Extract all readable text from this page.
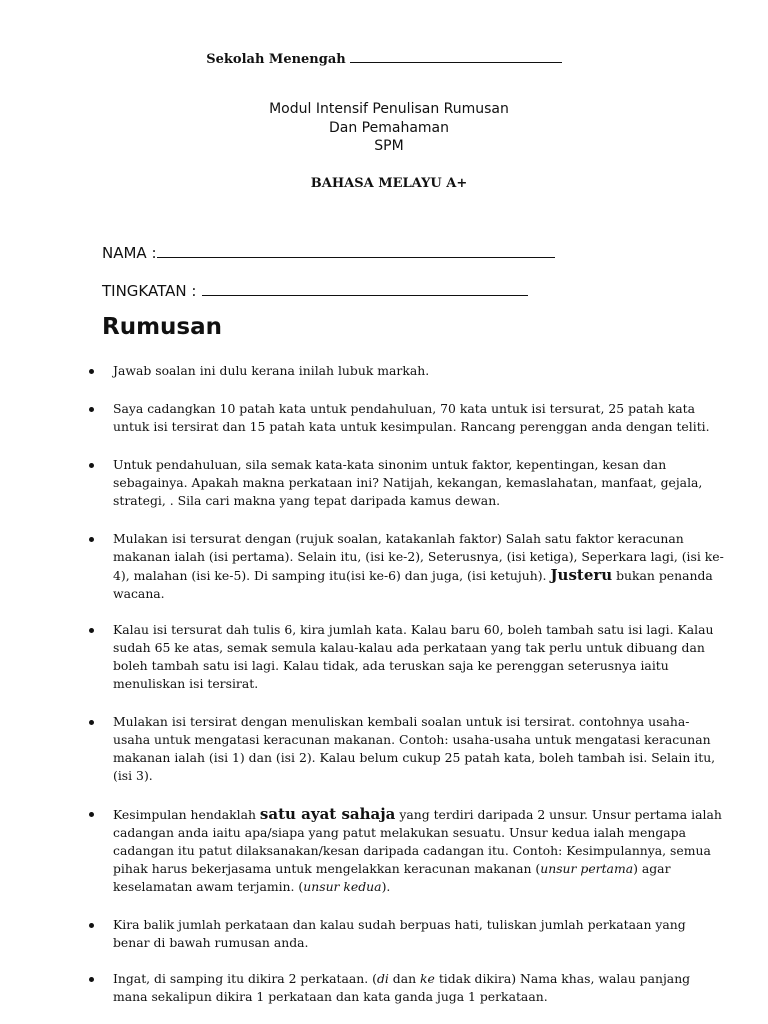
Sekolah Menengah
Modul Intensif Penulisan Rumusan
Dan Pemahaman
SPM
BAHASA MELAYU A+
NAMA :
TINGKATAN :
Rumusan
Jawab soalan ini dulu kerana inilah lubuk markah.
Saya cadangkan 10 patah kata untuk pendahuluan, 70 kata untuk isi tersurat, 25 patah kata untuk isi tersirat dan 15 patah kata untuk kesimpulan. Rancang perenggan anda dengan teliti.
Untuk pendahuluan, sila semak kata-kata sinonim untuk faktor, kepentingan, kesan dan sebagainya. Apakah makna perkataan ini? Natijah, kekangan, kemaslahatan, manfaat, gejala, strategi, . Sila cari makna yang tepat daripada kamus dewan.
Mulakan isi tersurat dengan (rujuk soalan, katakanlah faktor) Salah satu faktor keracunan makanan ialah (isi pertama). Selain itu, (isi ke-2), Seterusnya, (isi ketiga), Seperkara lagi, (isi ke-4), malahan (isi ke-5). Di samping itu(isi ke-6) dan juga, (isi ketujuh). Justeru bukan penanda wacana.
Kalau isi tersurat dah tulis 6, kira jumlah kata. Kalau baru 60, boleh tambah satu isi lagi. Kalau sudah 65 ke atas, semak semula kalau-kalau ada perkataan yang tak perlu untuk dibuang dan boleh tambah satu isi lagi. Kalau tidak, ada teruskan saja ke perenggan seterusnya iaitu menuliskan isi tersirat.
Mulakan isi tersirat dengan menuliskan kembali soalan untuk isi tersirat. contohnya usaha-usaha untuk mengatasi keracunan makanan. Contoh: usaha-usaha untuk mengatasi keracunan makanan ialah (isi 1) dan (isi 2). Kalau belum cukup 25 patah kata, boleh tambah isi. Selain itu, (isi 3).
Kesimpulan hendaklah satu ayat sahaja yang terdiri daripada 2 unsur. Unsur pertama ialah cadangan anda iaitu apa/siapa yang patut melakukan sesuatu. Unsur kedua ialah mengapa cadangan itu patut dilaksanakan/kesan daripada cadangan itu. Contoh: Kesimpulannya, semua pihak harus bekerjasama untuk mengelakkan keracunan makanan (unsur pertama) agar keselamatan awam terjamin. (unsur kedua).
Kira balik jumlah perkataan dan kalau sudah berpuas hati, tuliskan jumlah perkataan yang benar di bawah rumusan anda.
Ingat, di samping itu dikira 2 perkataan. (di dan ke tidak dikira) Nama khas, walau panjang mana sekalipun dikira 1 perkataan dan kata ganda juga 1 perkataan.
